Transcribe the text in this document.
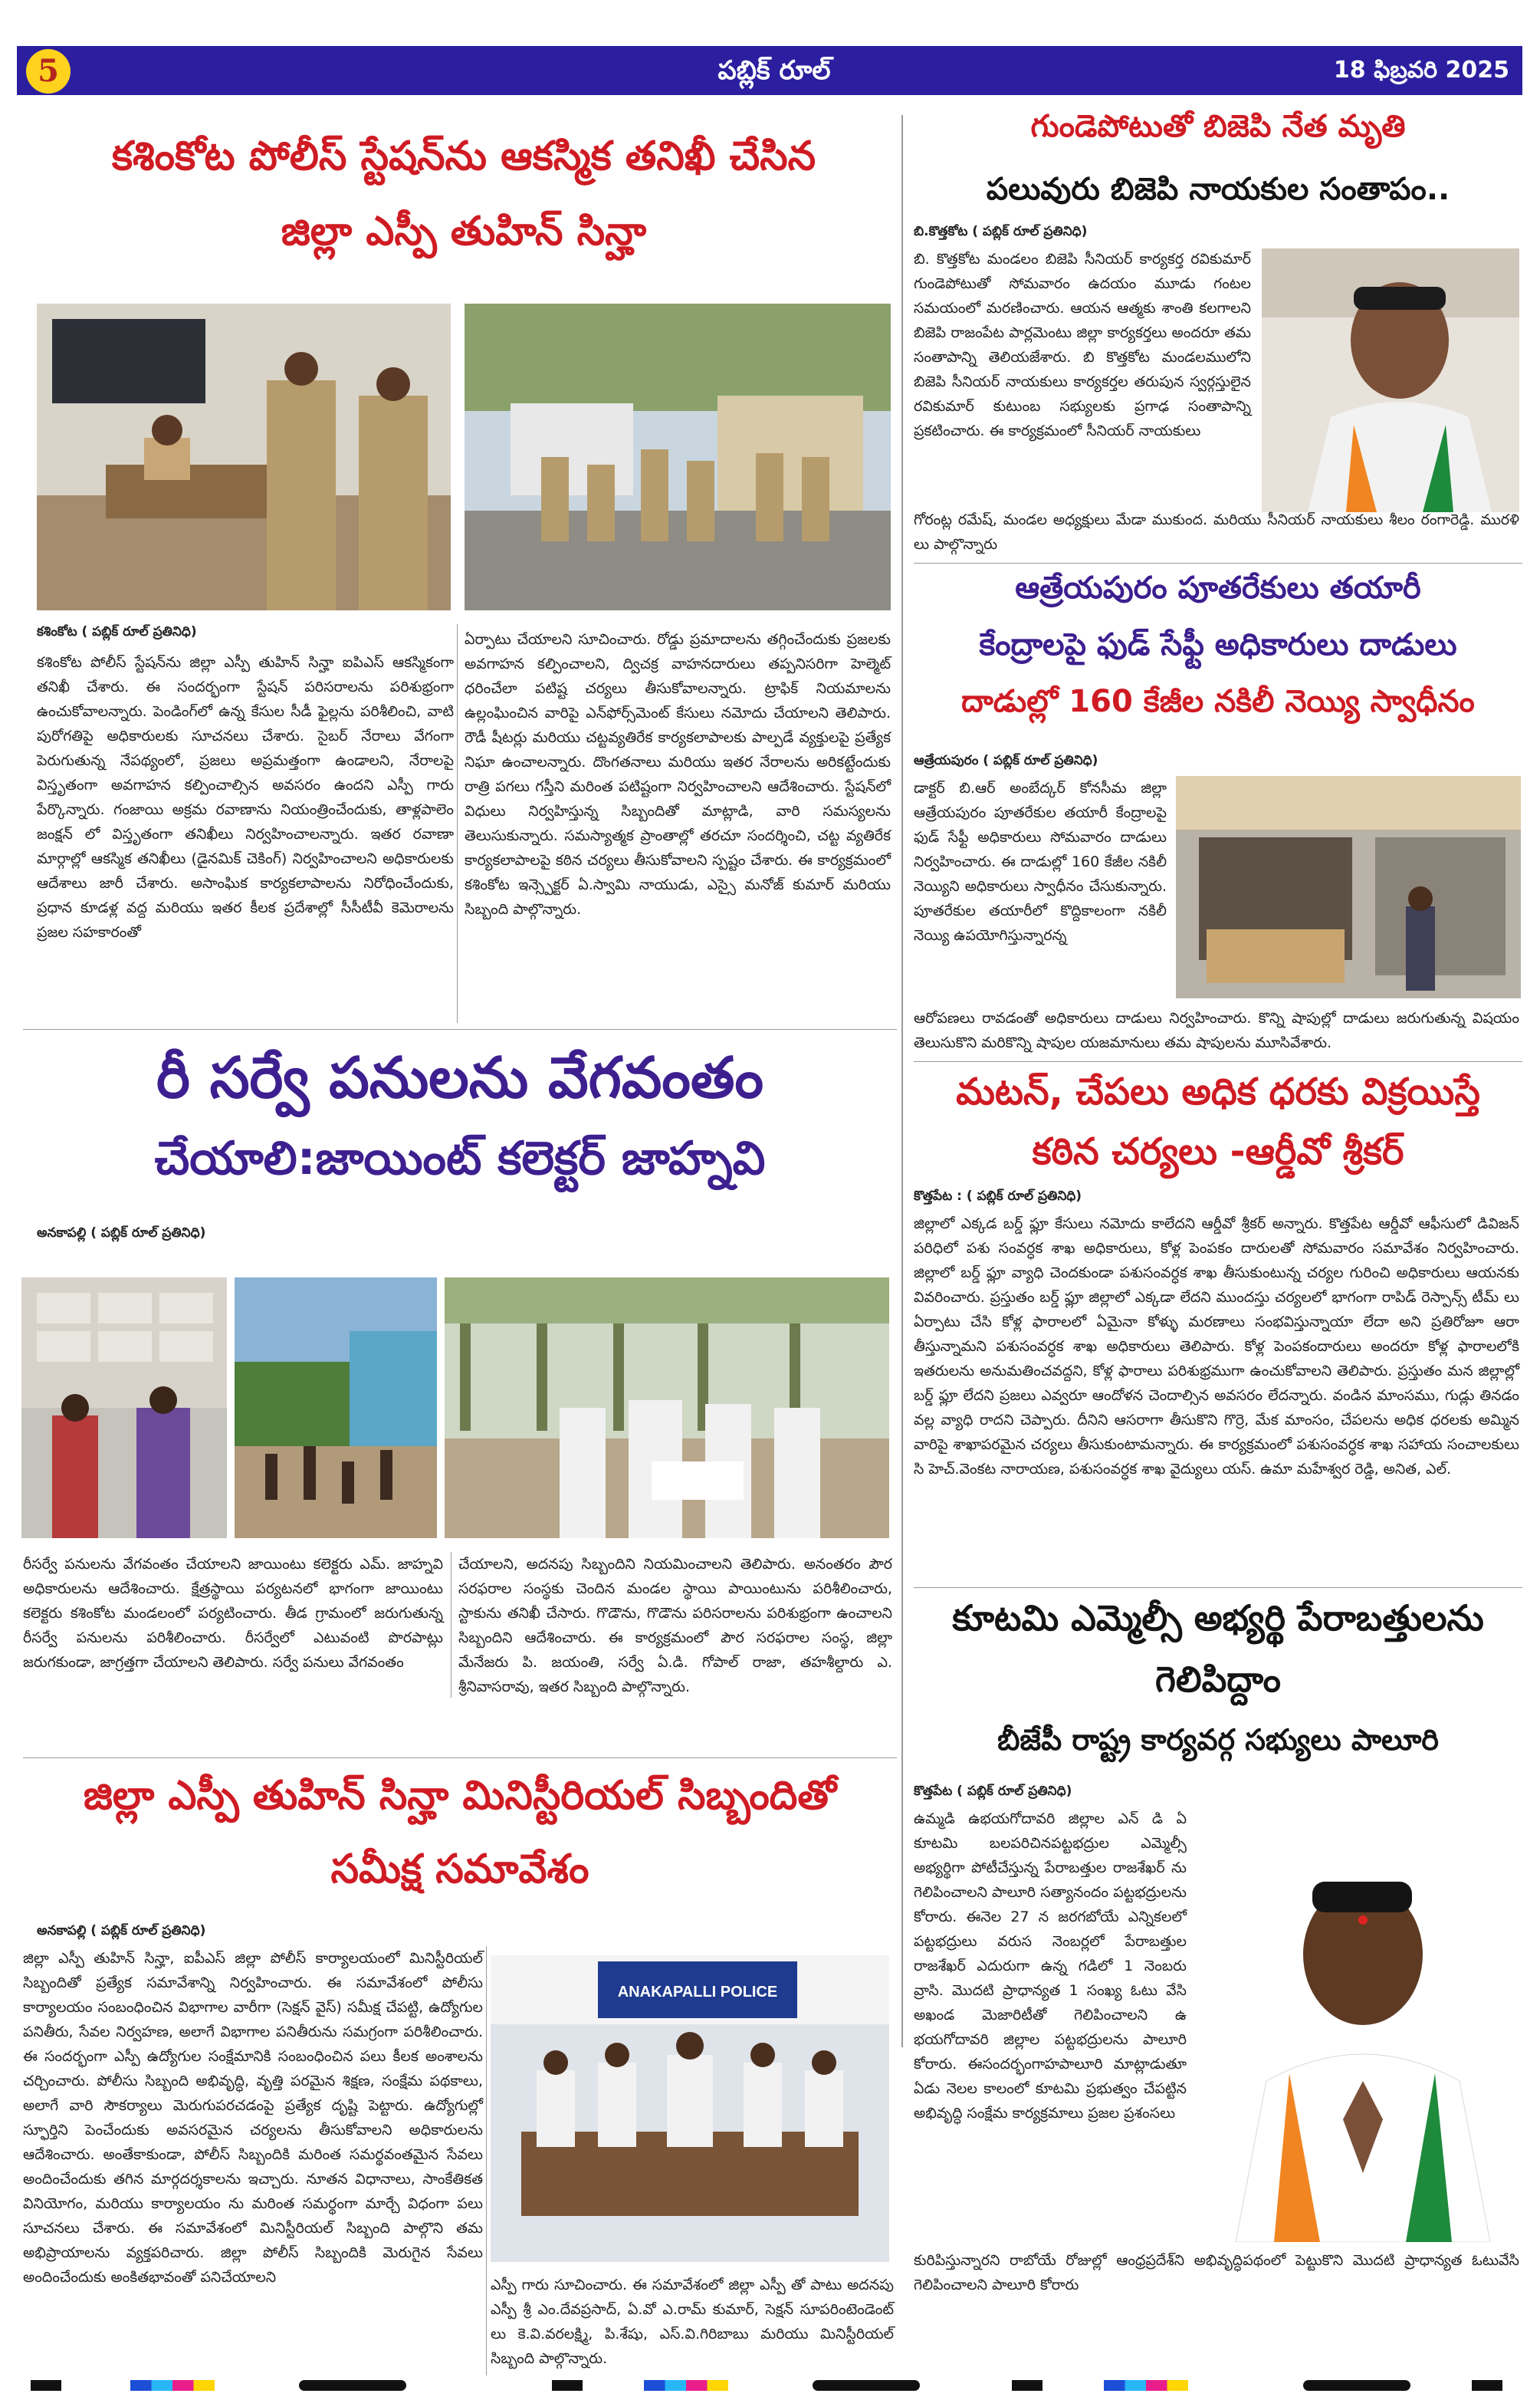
5	పబ్లిక్ రూల్	18 ఫిబ్రవరి 2025
కశింకోట పోలీస్ స్టేషన్‌ను ఆకస్మిక తనిఖీ చేసిన
జిల్లా ఎస్పీ తుహిన్ సిన్హా
కశింకోట ( పబ్లిక్ రూల్ ప్రతినిధి)

కశింకోట పోలీస్ స్టేషన్‌ను జిల్లా ఎస్పీ తుహిన్ సిన్హా ఐపిఎస్ ఆకస్మికంగా తనిఖీ చేశారు. ఈ సందర్భంగా స్టేషన్ పరిసరాలను పరిశుభ్రంగా ఉంచుకోవాలన్నారు. పెండింగ్‌లో ఉన్న కేసుల సీడీ ఫైల్లను పరిశీలించి, వాటి పురోగతిపై అధికారులకు సూచనలు చేశారు. సైబర్ నేరాలు వేగంగా పెరుగుతున్న నేపథ్యంలో, ప్రజలు అప్రమత్తంగా ఉండాలని, నేరాలపై విస్తృతంగా అవగాహన కల్పించాల్సిన అవసరం ఉందని ఎస్పీ గారు పేర్కొన్నారు. గంజాయి అక్రమ రవాణాను నియంత్రించేందుకు, తాళ్లపాలెం జంక్షన్ లో విస్తృతంగా తనిఖీలు నిర్వహించాలన్నారు. ఇతర రవాణా మార్గాల్లో ఆకస్మిక తనిఖీలు (డైనమిక్ చెకింగ్) నిర్వహించాలని అధికారులకు ఆదేశాలు జారీ చేశారు. అసాంఘిక కార్యకలాపాలను నిరోధించేందుకు, ప్రధాన కూడళ్ల వద్ద మరియు ఇతర కీలక ప్రదేశాల్లో సీసీటీవీ కెమెరాలను ప్రజల సహకారంతో

ఏర్పాటు చేయాలని సూచించారు. రోడ్డు ప్రమాదాలను తగ్గించేందుకు ప్రజలకు అవగాహన కల్పించాలని, ద్విచక్ర వాహనదారులు తప్పనిసరిగా హెల్మెట్ ధరించేలా పటిష్ట చర్యలు తీసుకోవాలన్నారు. ట్రాఫిక్ నియమాలను ఉల్లంఘించిన వారిపై ఎన్‌ఫోర్స్‌మెంట్ కేసులు నమోదు చేయాలని తెలిపారు. రౌడీ షీటర్లు మరియు చట్టవ్యతిరేక కార్యకలాపాలకు పాల్పడే వ్యక్తులపై ప్రత్యేక నిఘా ఉంచాలన్నారు. దొంగతనాలు మరియు ఇతర నేరాలను అరికట్టేందుకు రాత్రి పగలు గస్తీని మరింత పటిష్టంగా నిర్వహించాలని ఆదేశించారు. స్టేషన్‌లో విధులు నిర్వహిస్తున్న సిబ్బందితో మాట్లాడి, వారి సమస్యలను తెలుసుకున్నారు. సమస్యాత్మక ప్రాంతాల్లో తరచూ సందర్శించి, చట్ట వ్యతిరేక కార్యకలాపాలపై కఠిన చర్యలు తీసుకోవాలని స్పష్టం చేశారు. ఈ కార్యక్రమంలో కశింకోట ఇన్స్పెక్టర్ ఏ.స్వామి నాయుడు, ఎస్సై మనోజ్ కుమార్ మరియు సిబ్బంది పాల్గొన్నారు.

గుండెపోటుతో బిజెపి నేత మృతి
పలువురు బిజెపి నాయకుల సంతాపం..
బి.కొత్తకోట ( పబ్లిక్ రూల్ ప్రతినిధి)

బి. కొత్తకోట మండలం బిజెపి సీనియర్ కార్యకర్త రవికుమార్ గుండెపోటుతో సోమవారం ఉదయం మూడు గంటల సమయంలో మరణించారు. ఆయన ఆత్మకు శాంతి కలగాలని బిజెపి రాజంపేట పార్లమెంటు జిల్లా కార్యకర్తలు అందరూ తమ సంతాపాన్ని తెలియజేశారు. బి కొత్తకోట మండలములోని బిజెపి సీనియర్ నాయకులు కార్యకర్తల తరుపున స్వర్గస్తులైన రవికుమార్ కుటుంబ సభ్యులకు ప్రగాఢ సంతాపాన్ని ప్రకటించారు. ఈ కార్యక్రమంలో సీనియర్ నాయకులు

గోరంట్ల రమేష్, మండల అధ్యక్షులు మేడా ముకుంద. మరియు సీనియర్ నాయకులు శీలం రంగారెడ్డి. మురళి లు పాల్గొన్నారు

ఆత్రేయపురం పూతరేకులు తయారీ
కేంద్రాలపై ఫుడ్ సేఫ్టీ అధికారులు దాడులు
దాడుల్లో 160 కేజీల నకిలీ నెయ్యి స్వాధీనం
ఆత్రేయపురం ( పబ్లిక్ రూల్ ప్రతినిధి)

డాక్టర్ బి.ఆర్ అంబేద్కర్ కోనసీమ జిల్లా ఆత్రేయపురం పూతరేకుల తయారీ కేంద్రాలపై ఫుడ్ సేఫ్టీ అధికారులు సోమవారం దాడులు నిర్వహించారు. ఈ దాడుల్లో 160 కేజీల నకిలీ నెయ్యిని అధికారులు స్వాధీనం చేసుకున్నారు. పూతరేకుల తయారీలో కొద్దికాలంగా నకిలీ నెయ్యి ఉపయోగిస్తున్నారన్న

ఆరోపణలు రావడంతో అధికారులు దాడులు నిర్వహించారు. కొన్ని షాపుల్లో దాడులు జరుగుతున్న విషయం తెలుసుకొని మరికొన్ని షాపుల యజమానులు తమ షాపులను మూసివేశారు.

రీ సర్వే పనులను వేగవంతం
చేయాలి:జాయింట్ కలెక్టర్ జాహ్నవి
అనకాపల్లి ( పబ్లిక్ రూల్ ప్రతినిధి)

రీసర్వే పనులను వేగవంతం చేయాలని జాయింటు కలెక్టరు ఎమ్. జాహ్నవి అధికారులను ఆదేశించారు. క్షేత్రస్థాయి పర్యటనలో భాగంగా జాయింటు కలెక్టరు కశింకోట మండలంలో పర్యటించారు. తీడ గ్రామంలో జరుగుతున్న రీసర్వే పనులను పరిశీలించారు. రీసర్వేలో ఎటువంటి పొరపాట్లు జరుగకుండా, జాగ్రత్తగా చేయాలని తెలిపారు. సర్వే పనులు వేగవంతం

చేయాలని, అదనపు సిబ్బందిని నియమించాలని తెలిపారు. అనంతరం పౌర సరఫరాల సంస్థకు చెందిన మండల స్థాయి పాయింటును పరిశీలించారు, స్టాకును తనిఖీ చేసారు. గొడౌను, గొడౌను పరిసరాలను పరిశుభ్రంగా ఉంచాలని సిబ్బందిని ఆదేశించారు. ఈ కార్యక్రమంలో పౌర సరఫరాల సంస్థ, జిల్లా మేనేజరు పి. జయంతి, సర్వే ఏ.డి. గోపాల్ రాజా, తహశీల్దారు ఎ. శ్రీనివాసరావు, ఇతర సిబ్బంది పాల్గొన్నారు.

మటన్, చేపలు అధిక ధరకు విక్రయిస్తే
కఠిన చర్యలు -ఆర్డీవో శ్రీకర్
కొత్తపేట : ( పబ్లిక్ రూల్ ప్రతినిధి)

జిల్లాలో ఎక్కడ బర్డ్ ఫ్లూ కేసులు నమోదు కాలేదని ఆర్డీవో శ్రీకర్ అన్నారు. కొత్తపేట ఆర్డీవో ఆఫీసులో డివిజన్ పరిధిలో పశు సంవర్ధక శాఖ అధికారులు, కోళ్ల పెంపకం దారులతో సోమవారం సమావేశం నిర్వహించారు. జిల్లాలో బర్డ్ ఫ్లూ వ్యాధి చెందకుండా పశుసంవర్ధక శాఖ తీసుకుంటున్న చర్యల గురించి అధికారులు ఆయనకు వివరించారు. ప్రస్తుతం బర్డ్ ఫ్లూ జిల్లాలో ఎక్కడా లేదని ముందస్తు చర్యలలో భాగంగా రాపిడ్ రెస్పాన్స్ టీమ్ లు ఏర్పాటు చేసి కోళ్ల ఫారాలలో ఏమైనా కోళ్ళు మరణాలు సంభవిస్తున్నాయా లేదా అని ప్రతిరోజూ ఆరా తీస్తున్నామని పశుసంవర్ధక శాఖ అధికారులు తెలిపారు. కోళ్ల పెంపకందారులు అందరూ కోళ్ల ఫారాలలోకి ఇతరులను అనుమతించవద్దని, కోళ్ల ఫారాలు పరిశుభ్రముగా ఉంచుకోవాలని తెలిపారు. ప్రస్తుతం మన జిల్లాల్లో బర్డ్ ఫ్లూ లేదని ప్రజలు ఎవ్వరూ ఆందోళన చెందాల్సిన అవసరం లేదన్నారు. వండిన మాంసము, గుడ్లు తినడం వల్ల వ్యాధి రాదని చెప్పారు. దీనిని ఆసరాగా తీసుకొని గొర్రె, మేక మాంసం, చేపలను అధిక ధరలకు అమ్మిన వారిపై శాఖాపరమైన చర్యలు తీసుకుంటామన్నారు. ఈ కార్యక్రమంలో పశుసంవర్ధక శాఖ సహాయ సంచాలకులు సి హెచ్.వెంకట నారాయణ, పశుసంవర్ధక శాఖ వైద్యులు యస్. ఉమా మహేశ్వర రెడ్డి, అనిత, ఎల్.

కూటమి ఎమ్మెల్సీ అభ్యర్థి పేరాబత్తులను
గెలిపిద్దాం
బీజేపీ రాష్ట్ర కార్యవర్గ సభ్యులు పాలూరి
కొత్తపేట ( పబ్లిక్ రూల్ ప్రతినిధి)

ఉమ్మడి ఉభయగోదావరి జిల్లాల ఎన్ డి ఏ కూటమి బలపరిచినపట్టభద్రుల ఎమ్మెల్సీ అభ్యర్థిగా పోటీచేస్తున్న పేరాబత్తుల రాజశేఖర్ ను గెలిపించాలని పాలూరి సత్యానందం పట్టభద్రులను కోరారు. ఈనెల 27 న జరగబోయే ఎన్నికలలో పట్టభద్రులు వరుస నెంబర్లలో పేరాబత్తుల రాజశేఖర్ ఎదురుగా ఉన్న గడిలో 1 నెంబరు వ్రాసి. మొదటి ప్రాధాన్యత 1 సంఖ్య ఓటు వేసి అఖండ మెజారిటీతో గెలిపించాలని ఉ భయగోదావరి జిల్లాల పట్టభద్రులను పాలూరి కోరారు. ఈసందర్భంగాహపాలూరి మాట్లాడుతూ ఏడు నెలల కాలంలో కూటమి ప్రభుత్వం చేపట్టిన అభివృద్ధి సంక్షేమ కార్యక్రమాలు ప్రజల ప్రశంసలు

కురిపిస్తున్నారని రాబోయే రోజుల్లో ఆంధ్రప్రదేశ్‌ని అభివృద్ధిపథంలో పెట్టుకొని మొదటి ప్రాధాన్యత ఓటువేసి గెలిపించాలని పాలూరి కోరారు

జిల్లా ఎస్పీ తుహిన్ సిన్హా మినిస్టీరియల్ సిబ్బందితో
సమీక్ష సమావేశం
అనకాపల్లి ( పబ్లిక్ రూల్ ప్రతినిధి)

జిల్లా ఎస్పీ తుహిన్ సిన్హా, ఐపీఎస్ జిల్లా పోలీస్ కార్యాలయంలో మినిస్టీరియల్ సిబ్బందితో ప్రత్యేక సమావేశాన్ని నిర్వహించారు. ఈ సమావేశంలో పోలీసు కార్యాలయం సంబంధించిన విభాగాల వారీగా (సెక్షన్ వైస్) సమీక్ష చేపట్టి, ఉద్యోగుల పనితీరు, సేవల నిర్వహణ, అలాగే విభాగాల పనితీరును సమగ్రంగా పరిశీలించారు. ఈ సందర్భంగా ఎస్పీ ఉద్యోగుల సంక్షేమానికి సంబంధించిన పలు కీలక అంశాలను చర్చించారు. పోలీసు సిబ్బంది అభివృద్ధి, వృత్తి పరమైన శిక్షణ, సంక్షేమ పథకాలు, అలాగే వారి సౌకర్యాలు మెరుగుపరచడంపై ప్రత్యేక దృష్టి పెట్టారు. ఉద్యోగుల్లో స్ఫూర్తిని పెంచేందుకు అవసరమైన చర్యలను తీసుకోవాలని అధికారులను ఆదేశించారు. అంతేకాకుండా, పోలీస్ సిబ్బందికి మరింత సమర్థవంతమైన సేవలు అందించేందుకు తగిన మార్గదర్శకాలను ఇచ్చారు. నూతన విధానాలు, సాంకేతికత వినియోగం, మరియు కార్యాలయం ను మరింత సమర్థంగా మార్చే విధంగా పలు సూచనలు చేశారు. ఈ సమావేశంలో మినిస్టీరియల్ సిబ్బంది పాల్గొని తమ అభిప్రాయాలను వ్యక్తపరిచారు. జిల్లా పోలీస్ సిబ్బందికి మెరుగైన సేవలు అందించేందుకు అంకితభావంతో పనిచేయాలని

ANAKAPALLI POLICE

ఎస్పీ గారు సూచించారు. ఈ సమావేశంలో జిల్లా ఎస్పీ తో పాటు అదనపు ఎస్పీ శ్రీ ఎం.దేవప్రసాద్, ఏ.వో ఎ.రామ్ కుమార్, సెక్షన్ సూపరింటెండెంట్ లు కె.వి.వరలక్ష్మి, పి.శేషు, ఎస్.వి.గిరిబాబు మరియు మినిస్టీరియల్ సిబ్బంది పాల్గొన్నారు.
